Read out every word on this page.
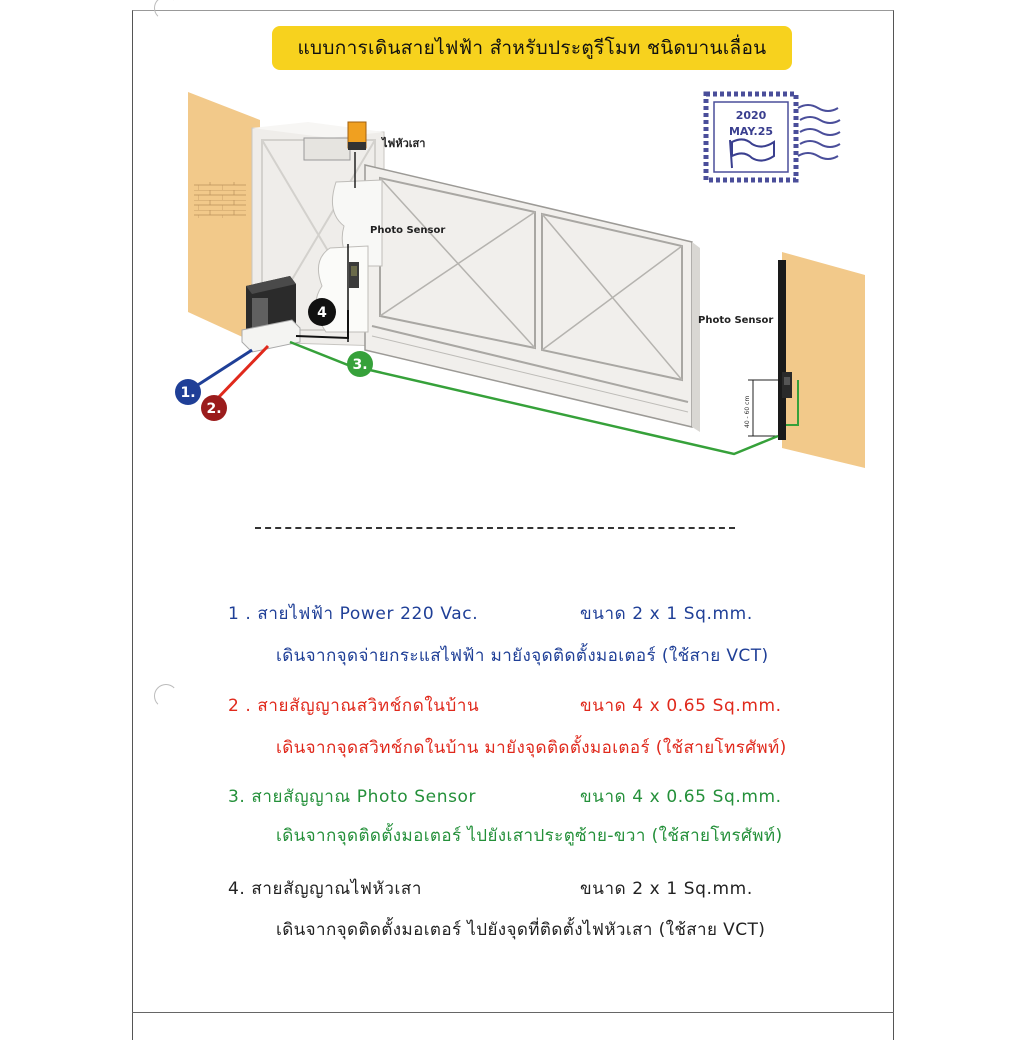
แบบการเดินสายไฟฟ้า สำหรับประตูรีโมท ชนิดบานเลื่อน
ไฟหัวเสา
Photo Sensor
Photo Sensor
40 - 60 cm
1.
2.
3.
4
2020
MAY.25
1 . สายไฟฟ้า Power 220 Vac.	ขนาด 2 x 1 Sq.mm.
เดินจากจุดจ่ายกระแสไฟฟ้า มายังจุดติดตั้งมอเตอร์ (ใช้สาย VCT)
2 . สายสัญญาณสวิทช์กดในบ้าน	ขนาด 4 x 0.65 Sq.mm.
เดินจากจุดสวิทช์กดในบ้าน มายังจุดติดตั้งมอเตอร์ (ใช้สายโทรศัพท์)
3. สายสัญญาณ Photo Sensor	ขนาด 4 x 0.65 Sq.mm.
เดินจากจุดติดตั้งมอเตอร์ ไปยังเสาประตูซ้าย-ขวา (ใช้สายโทรศัพท์)
4. สายสัญญาณไฟหัวเสา	ขนาด 2 x 1 Sq.mm.
เดินจากจุดติดตั้งมอเตอร์ ไปยังจุดที่ติดตั้งไฟหัวเสา (ใช้สาย VCT)
